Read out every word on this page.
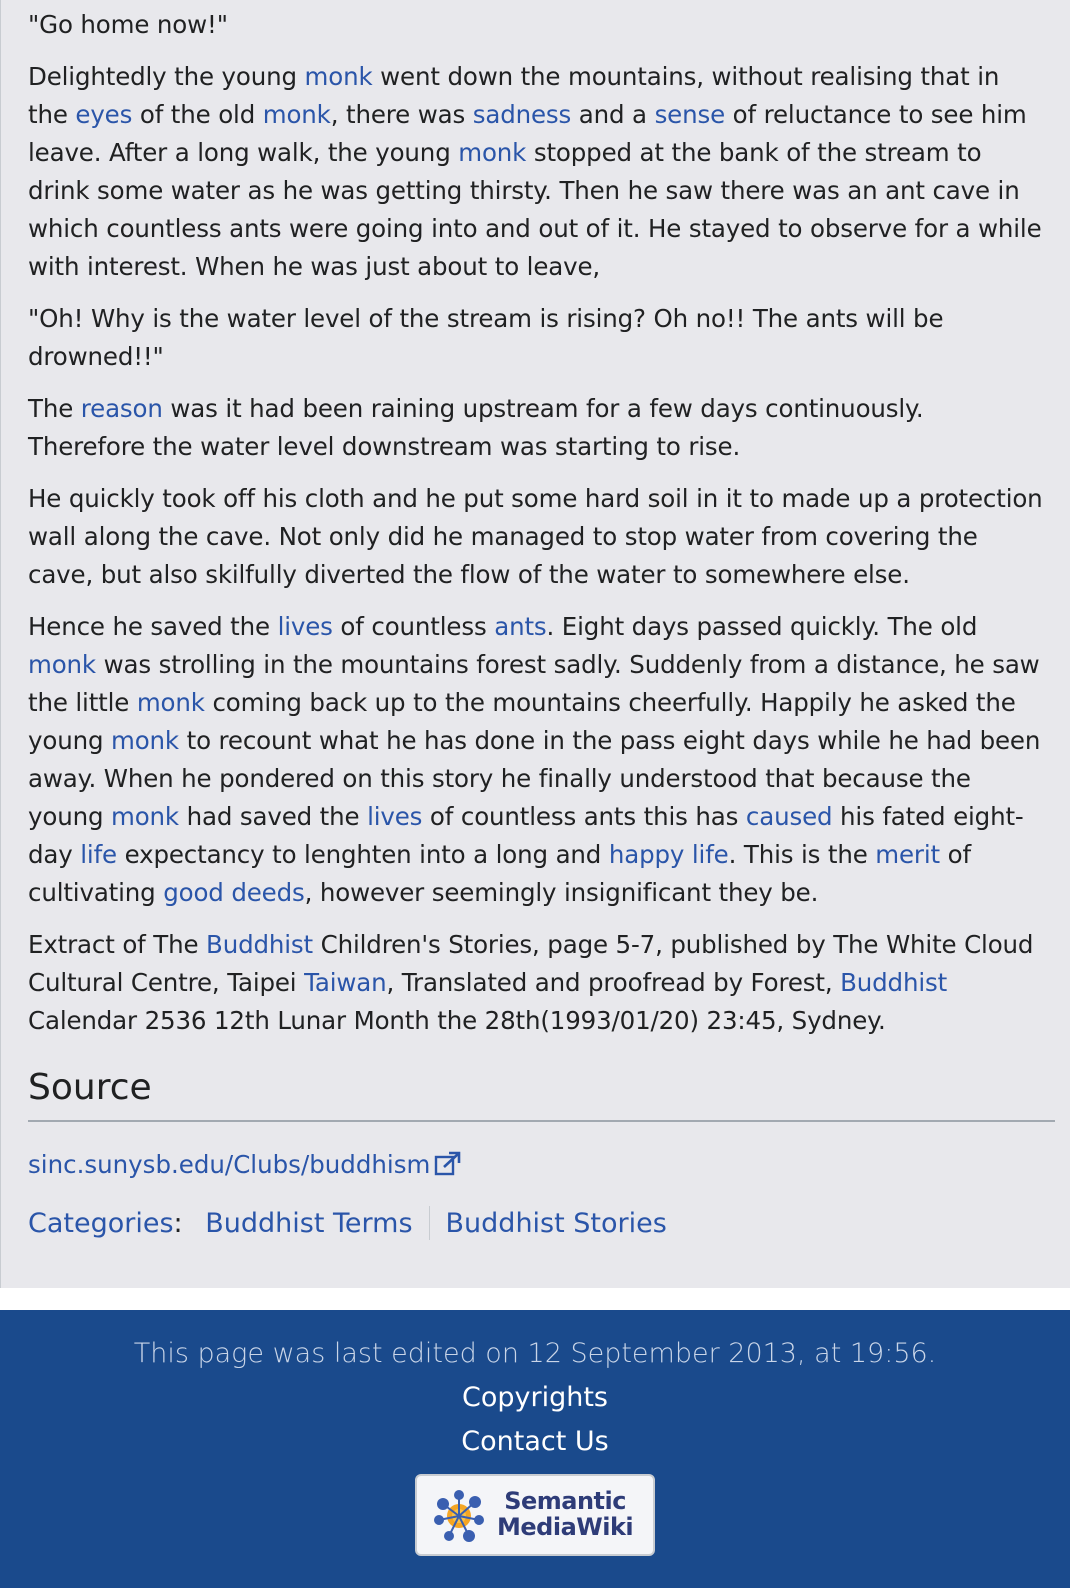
"Go home now!"

Delightedly the young monk went down the mountains, without realising that in the eyes of the old monk, there was sadness and a sense of reluctance to see him leave. After a long walk, the young monk stopped at the bank of the stream to drink some water as he was getting thirsty. Then he saw there was an ant cave in which countless ants were going into and out of it. He stayed to observe for a while with interest. When he was just about to leave,

"Oh! Why is the water level of the stream is rising? Oh no!! The ants will be drowned!!"

The reason was it had been raining upstream for a few days continuously. Therefore the water level downstream was starting to rise.

He quickly took off his cloth and he put some hard soil in it to made up a protection wall along the cave. Not only did he managed to stop water from covering the cave, but also skilfully diverted the flow of the water to somewhere else.

Hence he saved the lives of countless ants. Eight days passed quickly. The old monk was strolling in the mountains forest sadly. Suddenly from a distance, he saw the little monk coming back up to the mountains cheerfully. Happily he asked the young monk to recount what he has done in the pass eight days while he had been away. When he pondered on this story he finally understood that because the young monk had saved the lives of countless ants this has caused his fated eight-day life expectancy to lenghten into a long and happy life. This is the merit of cultivating good deeds, however seemingly insignificant they be.

Extract of The Buddhist Children's Stories, page 5-7, published by The White Cloud Cultural Centre, Taipei Taiwan, Translated and proofread by Forest, Buddhist Calendar 2536 12th Lunar Month the 28th(1993/01/20) 23:45, Sydney.

Source
sinc.sunysb.edu/Clubs/buddhism
Categories: Buddhist Terms Buddhist Stories
This page was last edited on 12 September 2013, at 19:56.
Copyrights
Contact Us
Semantic
MediaWiki
